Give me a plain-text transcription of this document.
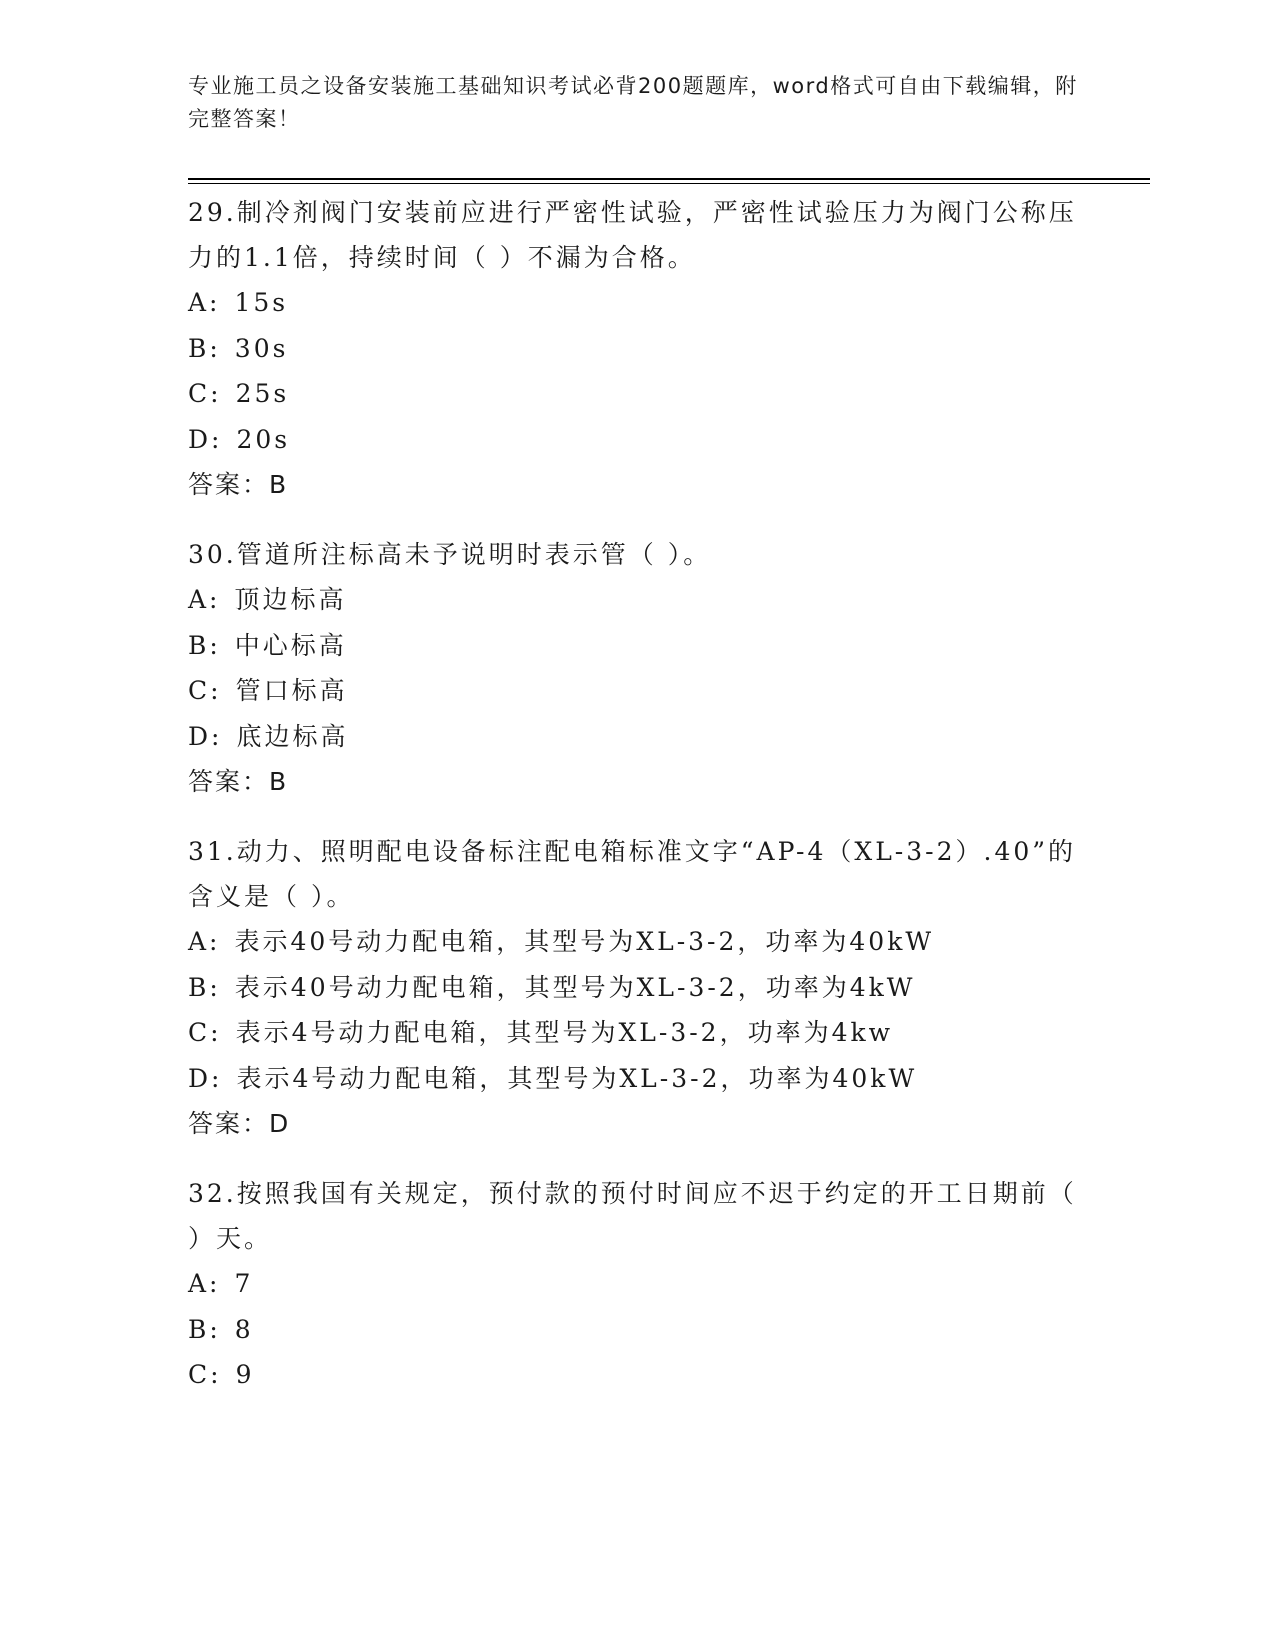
专业施工员之设备安装施工基础知识考试必背200题题库，word格式可自由下载编辑，附完整答案！
29.制冷剂阀门安装前应进行严密性试验，严密性试验压力为阀门公称压力的1.1倍，持续时间（ ）不漏为合格。
A: 15s
B: 30s
C: 25s
D: 20s
答案：B
30.管道所注标高未予说明时表示管（ ）。
A: 顶边标高
B: 中心标高
C: 管口标高
D: 底边标高
答案：B
31.动力、照明配电设备标注配电箱标准文字“AP-4（XL-3-2）.40”的含义是（ ）。
A: 表示40号动力配电箱，其型号为XL-3-2，功率为40kW
B: 表示40号动力配电箱，其型号为XL-3-2，功率为4kW
C: 表示4号动力配电箱，其型号为XL-3-2，功率为4kw
D: 表示4号动力配电箱，其型号为XL-3-2，功率为40kW
答案：D
32.按照我国有关规定，预付款的预付时间应不迟于约定的开工日期前（ ）天。
A: 7
B: 8
C: 9
